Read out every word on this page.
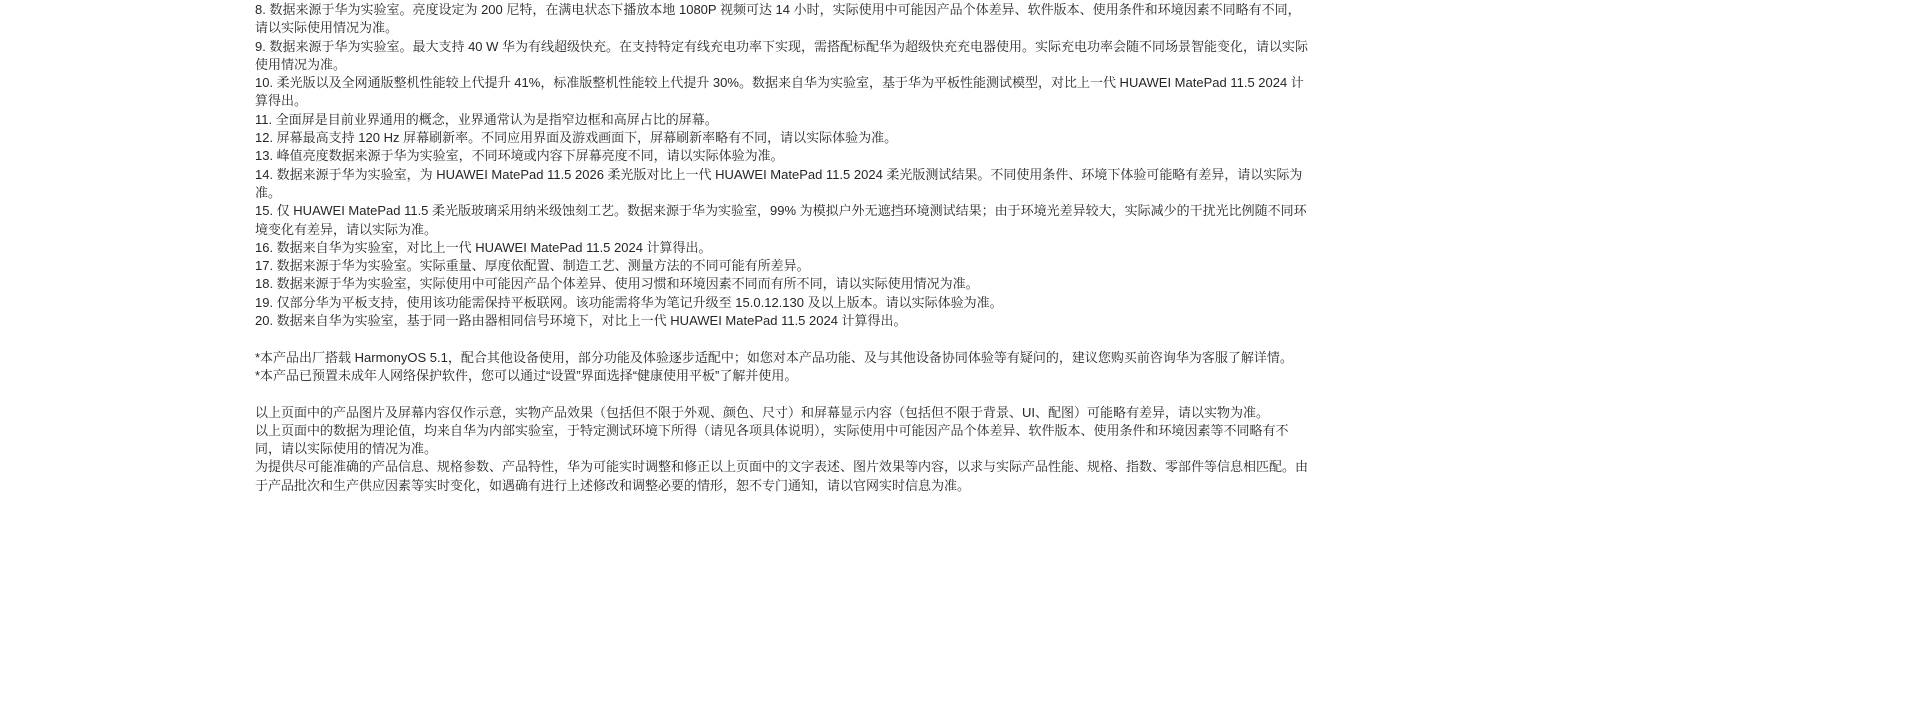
8. 数据来源于华为实验室。亮度设定为 200 尼特，在满电状态下播放本地 1080P 视频可达 14 小时，实际使用中可能因产品个体差异、软件版本、使用条件和环境因素不同略有不同，请以实际使用情况为准。
9. 数据来源于华为实验室。最大支持 40 W 华为有线超级快充。在支持特定有线充电功率下实现，需搭配标配华为超级快充充电器使用。实际充电功率会随不同场景智能变化，请以实际使用情况为准。
10. 柔光版以及全网通版整机性能较上代提升 41%，标准版整机性能较上代提升 30%。数据来自华为实验室，基于华为平板性能测试模型，对比上一代 HUAWEI MatePad 11.5 2024 计算得出。
11. 全面屏是目前业界通用的概念，业界通常认为是指窄边框和高屏占比的屏幕。
12. 屏幕最高支持 120 Hz 屏幕刷新率。不同应用界面及游戏画面下，屏幕刷新率略有不同，请以实际体验为准。
13. 峰值亮度数据来源于华为实验室，不同环境或内容下屏幕亮度不同，请以实际体验为准。
14. 数据来源于华为实验室，为 HUAWEI MatePad 11.5 2026 柔光版对比上一代 HUAWEI MatePad 11.5 2024 柔光版测试结果。不同使用条件、环境下体验可能略有差异，请以实际为准。
15. 仅 HUAWEI MatePad 11.5 柔光版玻璃采用纳米级蚀刻工艺。数据来源于华为实验室，99% 为模拟户外无遮挡环境测试结果；由于环境光差异较大，实际减少的干扰光比例随不同环境变化有差异，请以实际为准。
16. 数据来自华为实验室，对比上一代 HUAWEI MatePad 11.5 2024 计算得出。
17. 数据来源于华为实验室。实际重量、厚度依配置、制造工艺、测量方法的不同可能有所差异。
18. 数据来源于华为实验室，实际使用中可能因产品个体差异、使用习惯和环境因素不同而有所不同，请以实际使用情况为准。
19. 仅部分华为平板支持，使用该功能需保持平板联网。该功能需将华为笔记升级至 15.0.12.130 及以上版本。请以实际体验为准。
20. 数据来自华为实验室，基于同一路由器相同信号环境下，对比上一代 HUAWEI MatePad 11.5 2024 计算得出。
*本产品出厂搭载 HarmonyOS 5.1，配合其他设备使用，部分功能及体验逐步适配中；如您对本产品功能、及与其他设备协同体验等有疑问的，建议您购买前咨询华为客服了解详情。
*本产品已预置未成年人网络保护软件，您可以通过“设置”界面选择“健康使用平板”了解并使用。
以上页面中的产品图片及屏幕内容仅作示意，实物产品效果（包括但不限于外观、颜色、尺寸）和屏幕显示内容（包括但不限于背景、UI、配图）可能略有差异，请以实物为准。
以上页面中的数据为理论值，均来自华为内部实验室，于特定测试环境下所得（请见各项具体说明），实际使用中可能因产品个体差异、软件版本、使用条件和环境因素等不同略有不同，请以实际使用的情况为准。
为提供尽可能准确的产品信息、规格参数、产品特性，华为可能实时调整和修正以上页面中的文字表述、图片效果等内容，以求与实际产品性能、规格、指数、零部件等信息相匹配。由于产品批次和生产供应因素等实时变化，如遇确有进行上述修改和调整必要的情形，恕不专门通知，请以官网实时信息为准。
